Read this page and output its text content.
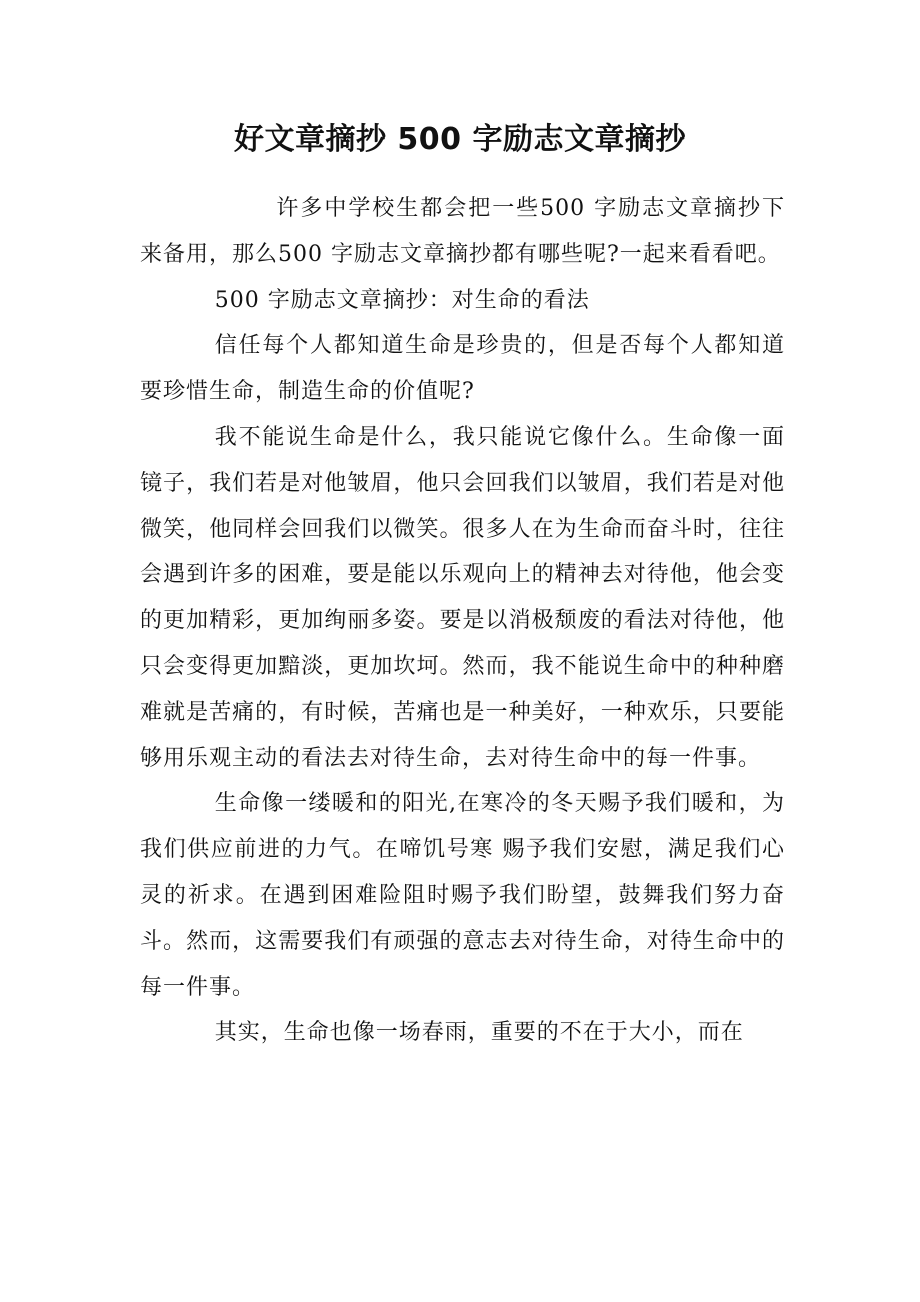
好文章摘抄 500 字励志文章摘抄

许多中学校生都会把一些500 字励志文章摘抄下来备用，那么500 字励志文章摘抄都有哪些呢?一起来看看吧。

500 字励志文章摘抄：对生命的看法

信任每个人都知道生命是珍贵的，但是否每个人都知道要珍惜生命，制造生命的价值呢?

我不能说生命是什么，我只能说它像什么。生命像一面镜子，我们若是对他皱眉，他只会回我们以皱眉，我们若是对他微笑，他同样会回我们以微笑。很多人在为生命而奋斗时，往往会遇到许多的困难，要是能以乐观向上的精神去对待他，他会变的更加精彩，更加绚丽多姿。要是以消极颓废的看法对待他，他只会变得更加黯淡，更加坎坷。然而，我不能说生命中的种种磨难就是苦痛的，有时候，苦痛也是一种美好，一种欢乐，只要能够用乐观主动的看法去对待生命，去对待生命中的每一件事。

生命像一缕暖和的阳光,在寒冷的冬天赐予我们暖和，为我们供应前进的力气。在啼饥号寒 赐予我们安慰，满足我们心灵的祈求。在遇到困难险阻时赐予我们盼望，鼓舞我们努力奋斗。然而，这需要我们有顽强的意志去对待生命，对待生命中的每一件事。

其实，生命也像一场春雨，重要的不在于大小，而在
